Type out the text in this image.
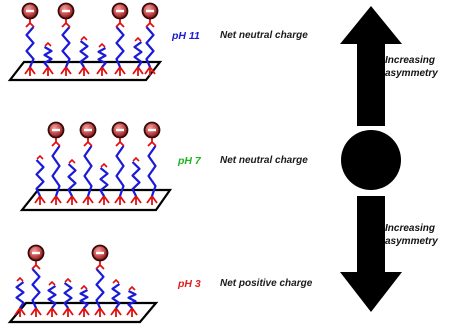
pH 11 Net neutral charge
pH 7 Net neutral charge
pH 3 Net positive charge
Increasing
asymmetry
Increasing
asymmetry
